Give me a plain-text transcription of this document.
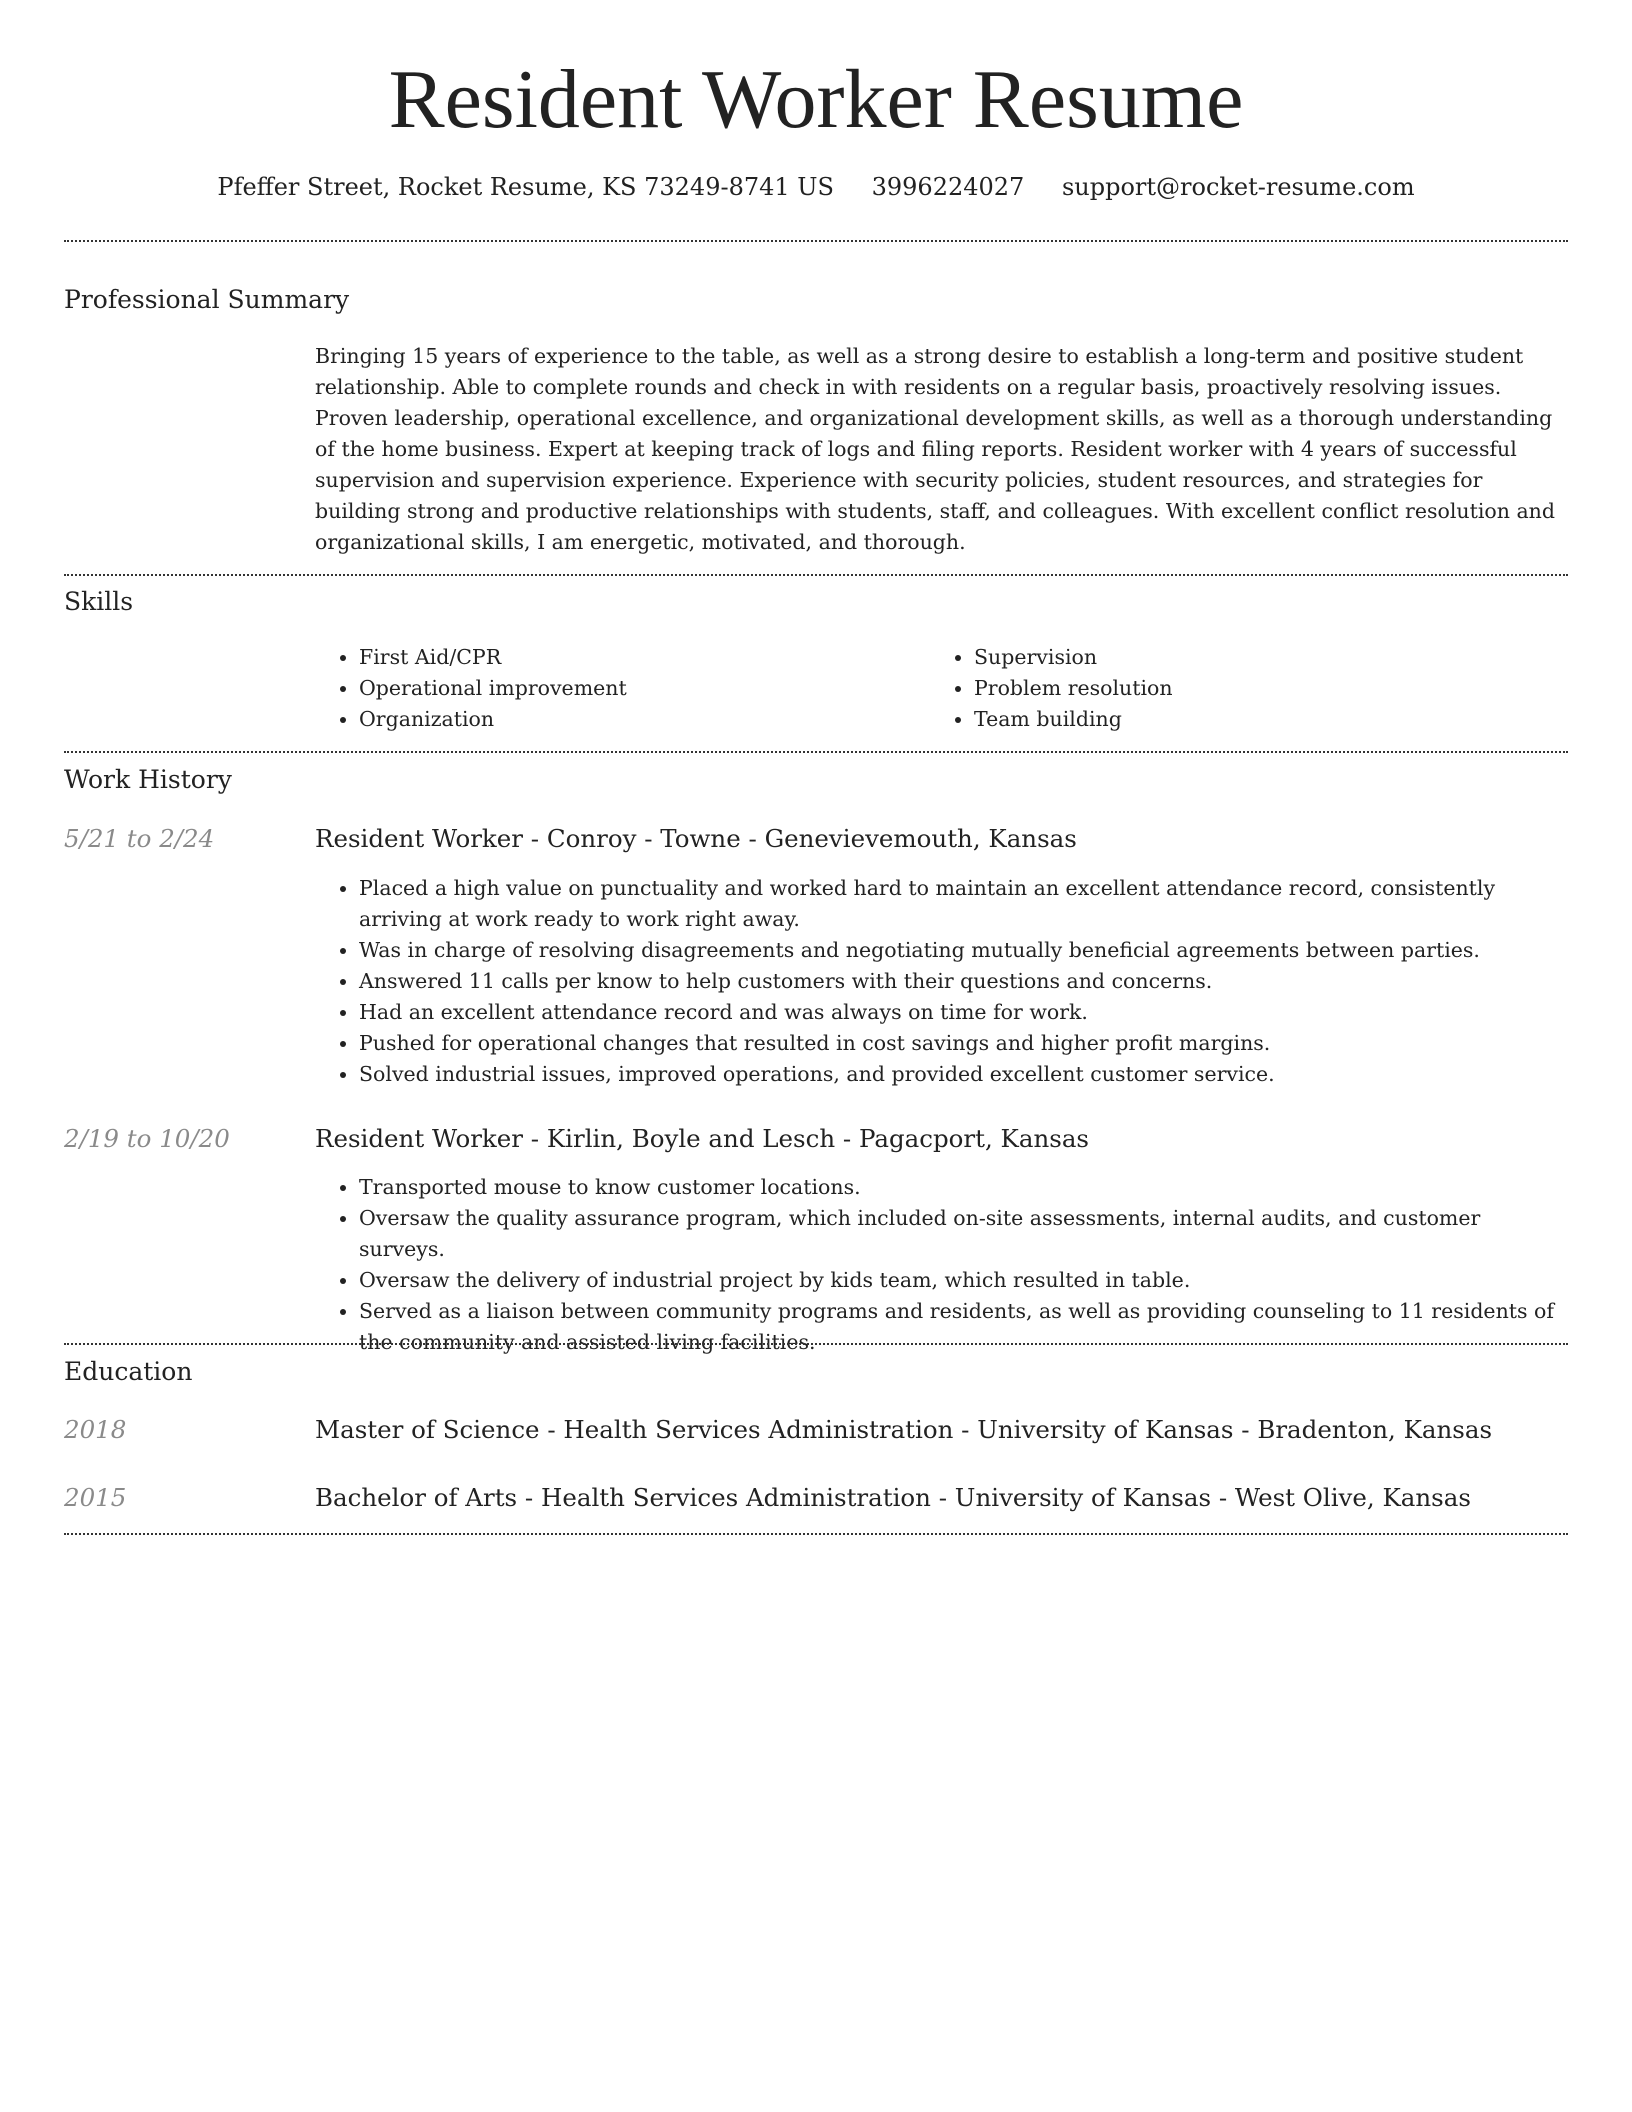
Resident Worker Resume
Pfeffer Street, Rocket Resume, KS 73249-8741 US 3996224027 support@rocket-resume.com
Professional Summary

Bringing 15 years of experience to the table, as well as a strong desire to establish a long-term and positive student relationship. Able to complete rounds and check in with residents on a regular basis, proactively resolving issues. Proven leadership, operational excellence, and organizational development skills, as well as a thorough understanding of the home business. Expert at keeping track of logs and filing reports. Resident worker with 4 years of successful supervision and supervision experience. Experience with security policies, student resources, and strategies for building strong and productive relationships with students, staff, and colleagues. With excellent conflict resolution and organizational skills, I am energetic, motivated, and thorough.

Skills
• First Aid/CPR
• Operational improvement
• Organization
• Supervision
• Problem resolution
• Team building
Work History
5/21 to 2/24	Resident Worker - Conroy - Towne - Genevievemouth, Kansas
• Placed a high value on punctuality and worked hard to maintain an excellent attendance record, consistently arriving at work ready to work right away.
• Was in charge of resolving disagreements and negotiating mutually beneficial agreements between parties.
• Answered 11 calls per know to help customers with their questions and concerns.
• Had an excellent attendance record and was always on time for work.
• Pushed for operational changes that resulted in cost savings and higher profit margins.
• Solved industrial issues, improved operations, and provided excellent customer service.
2/19 to 10/20	Resident Worker - Kirlin, Boyle and Lesch - Pagacport, Kansas
• Transported mouse to know customer locations.
• Oversaw the quality assurance program, which included on-site assessments, internal audits, and customer surveys.
• Oversaw the delivery of industrial project by kids team, which resulted in table.
• Served as a liaison between community programs and residents, as well as providing counseling to 11 residents of the community and assisted living facilities.
Education
2018	Master of Science - Health Services Administration - University of Kansas - Bradenton, Kansas
2015	Bachelor of Arts - Health Services Administration - University of Kansas - West Olive, Kansas
